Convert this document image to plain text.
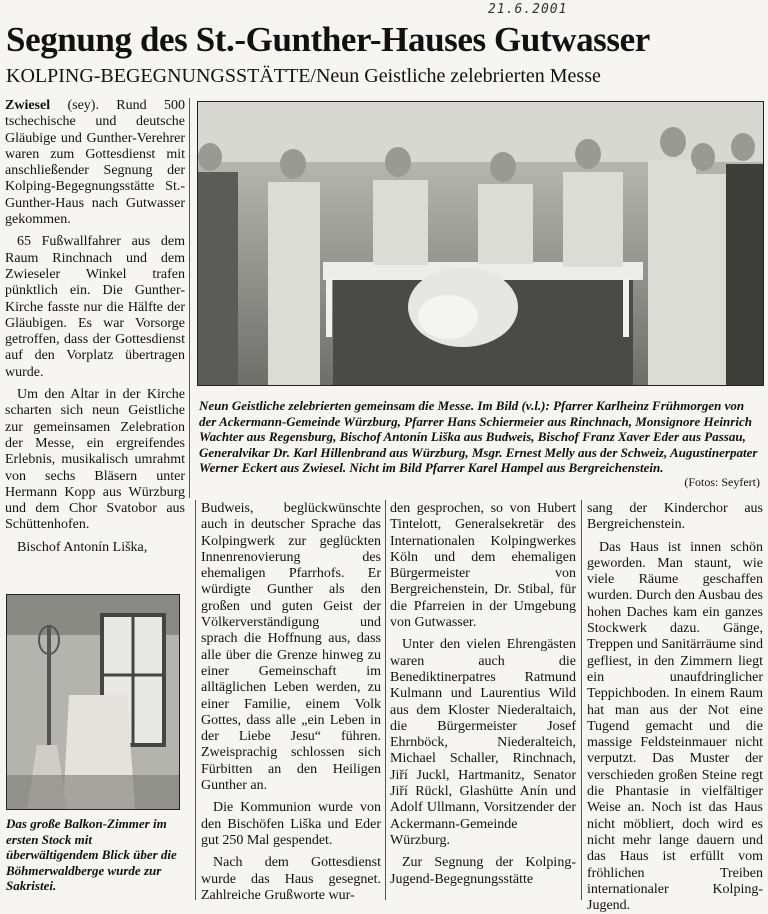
21.6.2001
Segnung des St.-Gunther-Hauses Gutwasser
KOLPING-BEGEGNUNGSSTÄTTE/Neun Geistliche zelebrierten Messe

Zwiesel (sey). Rund 500 tschechische und deutsche Gläubige und Gunther-Verehrer waren zum Gottesdienst mit anschließender Segnung der Kolping-Begegnungsstätte St.-Gunther-Haus nach Gutwasser gekommen.

65 Fußwallfahrer aus dem Raum Rinchnach und dem Zwieseler Winkel trafen pünktlich ein. Die Gunther-Kirche fasste nur die Hälfte der Gläubigen. Es war Vorsorge getroffen, dass der Gottesdienst auf den Vorplatz übertragen wurde.

Um den Altar in der Kirche scharten sich neun Geistliche zur gemeinsamen Zelebration der Messe, ein ergreifendes Erlebnis, musikalisch umrahmt von sechs Bläsern unter Hermann Kopp aus Würzburg und dem Chor Svatobor aus Schüttenhofen.

Bischof Antonín Liška,

Neun Geistliche zelebrierten gemeinsam die Messe. Im Bild (v.l.): Pfarrer Karlheinz Frühmorgen von der Ackermann-Gemeinde Würzburg, Pfarrer Hans Schiermeier aus Rinchnach, Monsignore Heinrich Wachter aus Regensburg, Bischof Antonín Liška aus Budweis, Bischof Franz Xaver Eder aus Passau, Generalvikar Dr. Karl Hillenbrand aus Würzburg, Msgr. Ernest Melly aus der Schweiz, Augustinerpater Werner Eckert aus Zwiesel. Nicht im Bild Pfarrer Karel Hampel aus Bergreichenstein.

(Fotos: Seyfert)

Das große Balkon-Zimmer im ersten Stock mit überwältigendem Blick über die Böhmerwaldberge wurde zur Sakristei.

Budweis, beglückwünschte auch in deutscher Sprache das Kolpingwerk zur geglückten Innenrenovierung des ehemaligen Pfarrhofs. Er würdigte Gunther als den großen und guten Geist der Völkerverständigung und sprach die Hoffnung aus, dass alle über die Grenze hinweg zu einer Gemeinschaft im alltäglichen Leben werden, zu einer Familie, einem Volk Gottes, dass alle „ein Leben in der Liebe Jesu“ führen. Zweisprachig schlossen sich Fürbitten an den Heiligen Gunther an.

Die Kommunion wurde von den Bischöfen Liška und Eder gut 250 Mal gespendet.

Nach dem Gottesdienst wurde das Haus gesegnet. Zahlreiche Grußworte wur-

den gesprochen, so von Hubert Tintelott, Generalsekretär des Internationalen Kolpingwerkes Köln und dem ehemaligen Bürgermeister von Bergreichenstein, Dr. Stibal, für die Pfarreien in der Umgebung von Gutwasser.

Unter den vielen Ehrengästen waren auch die Benediktinerpatres Ratmund Kulmann und Laurentius Wild aus dem Kloster Niederaltaich, die Bürgermeister Josef Ehrnböck, Niederalteich, Michael Schaller, Rinchnach, Jiří Juckl, Hartmanitz, Senator Jiří Rückl, Glashütte Anín und Adolf Ullmann, Vorsitzender der Ackermann-Gemeinde Würzburg.

Zur Segnung der Kolping-Jugend-Begegnungsstätte

sang der Kinderchor aus Bergreichenstein.

Das Haus ist innen schön geworden. Man staunt, wie viele Räume geschaffen wurden. Durch den Ausbau des hohen Daches kam ein ganzes Stockwerk dazu. Gänge, Treppen und Sanitärräume sind gefliest, in den Zimmern liegt ein unaufdringlicher Teppichboden. In einem Raum hat man aus der Not eine Tugend gemacht und die massige Feldsteinmauer nicht verputzt. Das Muster der verschieden großen Steine regt die Phantasie in vielfältiger Weise an. Noch ist das Haus nicht möbliert, doch wird es nicht mehr lange dauern und das Haus ist erfüllt vom fröhlichen Treiben internationaler Kolping-Jugend.
